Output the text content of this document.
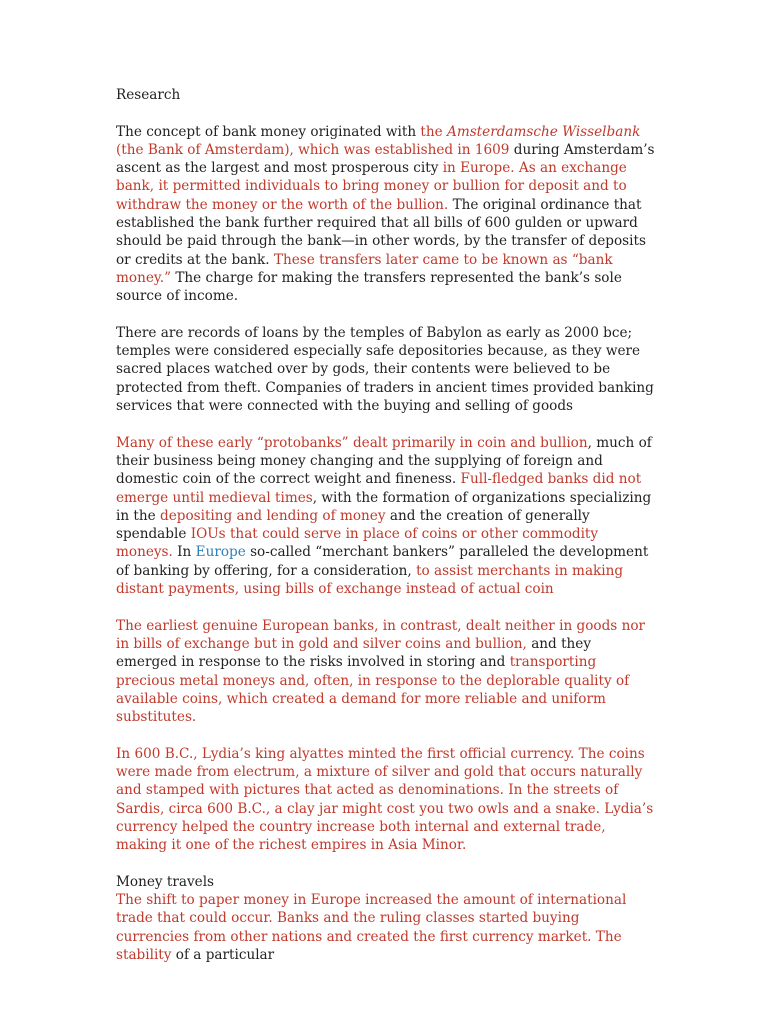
Research

The concept of bank money originated with the Amsterdamsche Wisselbank (the Bank of Amsterdam), which was established in 1609 during Amsterdam’s ascent as the largest and most prosperous city in Europe. As an exchange bank, it permitted individuals to bring money or bullion for deposit and to withdraw the money or the worth of the bullion. The original ordinance that established the bank further required that all bills of 600 gulden or upward should be paid through the bank—in other words, by the transfer of deposits or credits at the bank. These transfers later came to be known as “bank money.” The charge for making the transfers represented the bank’s sole source of income.

There are records of loans by the temples of Babylon as early as 2000 bce; temples were considered especially safe depositories because, as they were sacred places watched over by gods, their contents were believed to be protected from theft. Companies of traders in ancient times provided banking services that were connected with the buying and selling of goods

Many of these early “protobanks” dealt primarily in coin and bullion, much of their business being money changing and the supplying of foreign and domestic coin of the correct weight and fineness. Full-fledged banks did not emerge until medieval times, with the formation of organizations specializing in the depositing and lending of money and the creation of generally spendable IOUs that could serve in place of coins or other commodity moneys. In Europe so-called “merchant bankers” paralleled the development of banking by offering, for a consideration, to assist merchants in making distant payments, using bills of exchange instead of actual coin

The earliest genuine European banks, in contrast, dealt neither in goods nor in bills of exchange but in gold and silver coins and bullion, and they emerged in response to the risks involved in storing and transporting precious metal moneys and, often, in response to the deplorable quality of available coins, which created a demand for more reliable and uniform substitutes.

In 600 B.C., Lydia’s king alyattes minted the first official currency. The coins were made from electrum, a mixture of silver and gold that occurs naturally and stamped with pictures that acted as denominations. In the streets of Sardis, circa 600 B.C., a clay jar might cost you two owls and a snake. Lydia’s currency helped the country increase both internal and external trade, making it one of the richest empires in Asia Minor.

Money travels

The shift to paper money in Europe increased the amount of international trade that could occur. Banks and the ruling classes started buying currencies from other nations and created the first currency market. The stability of a particular
